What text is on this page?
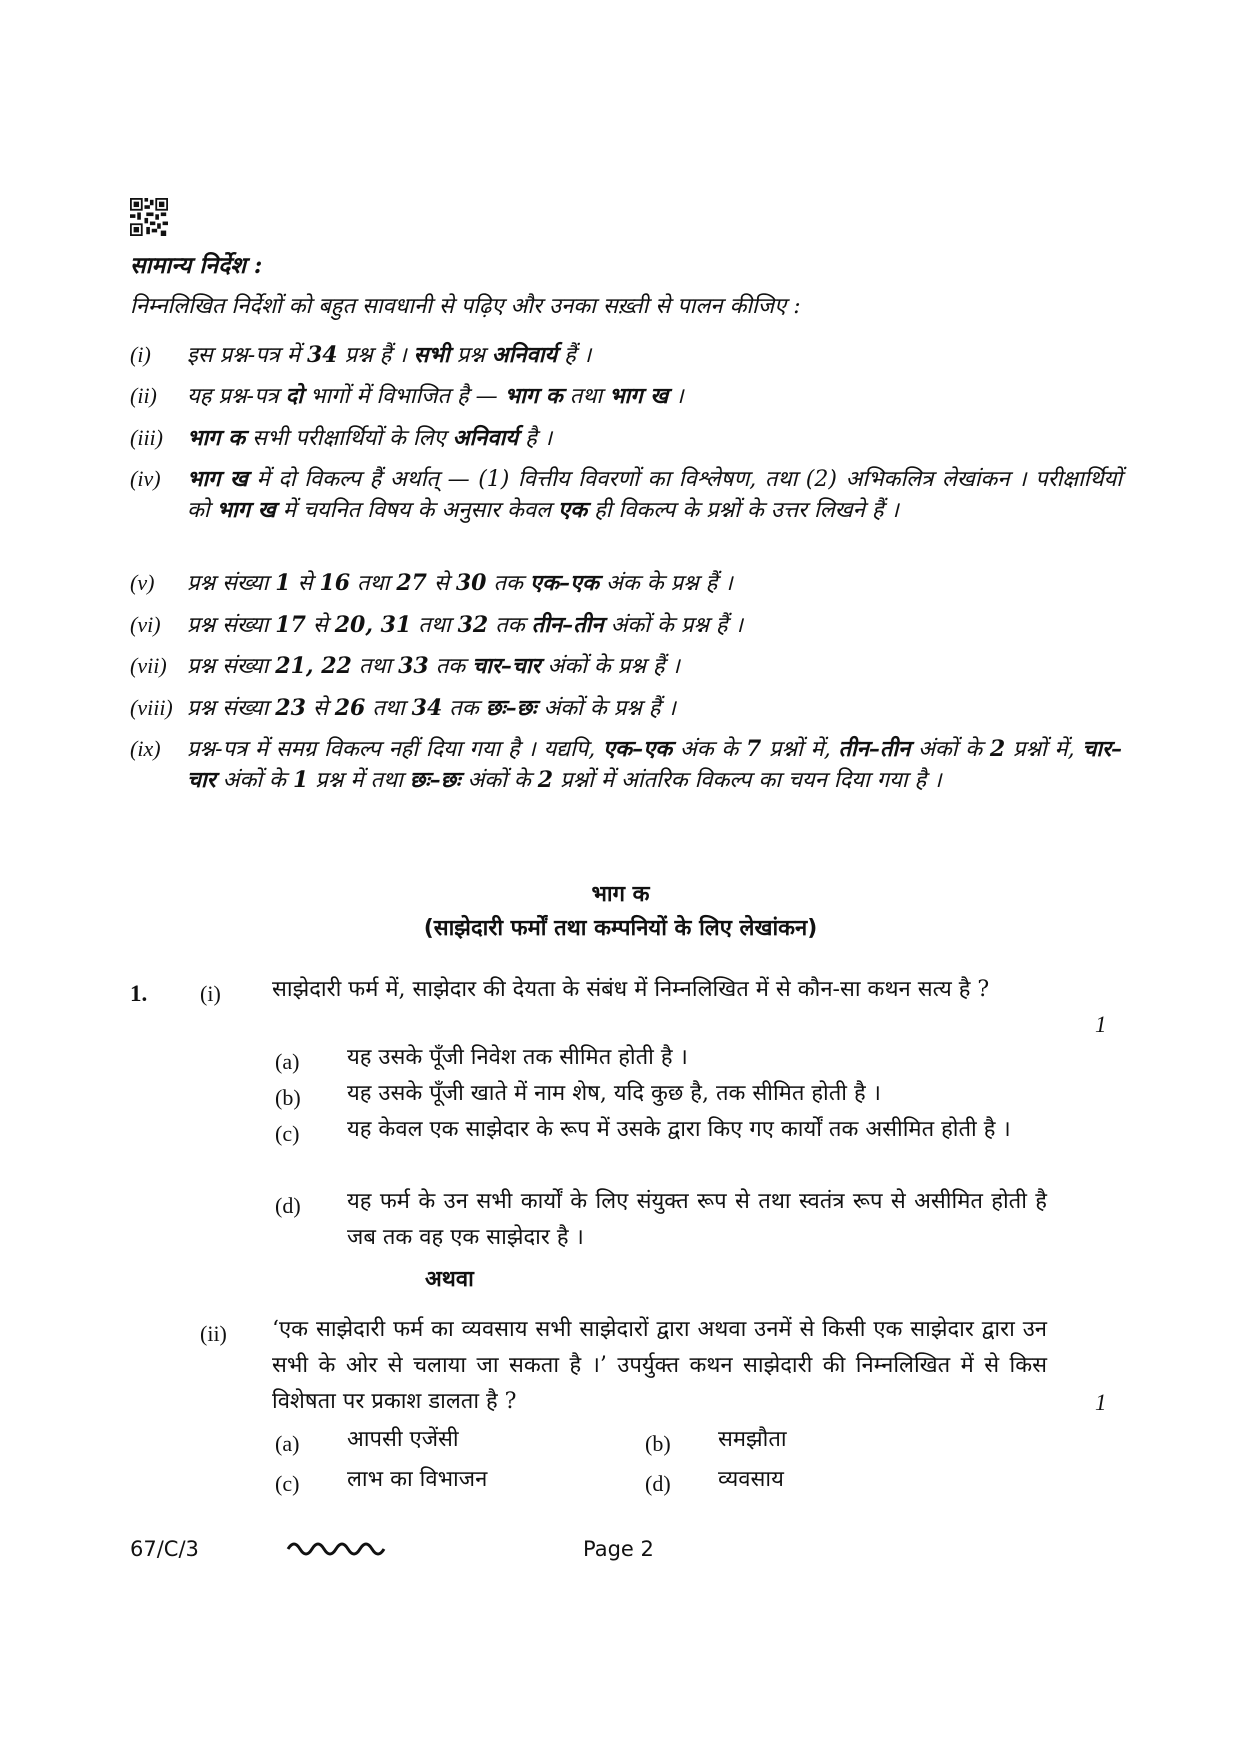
सामान्य निर्देश :
निम्नलिखित निर्देशों को बहुत सावधानी से पढ़िए और उनका सख़्ती से पालन कीजिए :
(i)	इस प्रश्न-पत्र में 34 प्रश्न हैं । सभी प्रश्न अनिवार्य हैं ।
(ii)	यह प्रश्न-पत्र दो भागों में विभाजित है — भाग क तथा भाग ख ।
(iii)	भाग क सभी परीक्षार्थियों के लिए अनिवार्य है ।
(iv)	भाग ख में दो विकल्प हैं अर्थात् — (1) वित्तीय विवरणों का विश्लेषण, तथा (2) अभिकलित्र लेखांकन । परीक्षार्थियों को भाग ख में चयनित विषय के अनुसार केवल एक ही विकल्प के प्रश्नों के उत्तर लिखने हैं ।
(v)	प्रश्न संख्या 1 से 16 तथा 27 से 30 तक एक–एक अंक के प्रश्न हैं ।
(vi)	प्रश्न संख्या 17 से 20, 31 तथा 32 तक तीन–तीन अंकों के प्रश्न हैं ।
(vii) प्रश्न संख्या 21, 22 तथा 33 तक चार–चार अंकों के प्रश्न हैं ।
(viii) प्रश्न संख्या 23 से 26 तथा 34 तक छः–छः अंकों के प्रश्न हैं ।
(ix)	प्रश्न-पत्र में समग्र विकल्प नहीं दिया गया है । यद्यपि, एक–एक अंक के 7 प्रश्नों में, तीन–तीन अंकों के 2 प्रश्नों में, चार–चार अंकों के 1 प्रश्न में तथा छः–छः अंकों के 2 प्रश्नों में आंतरिक विकल्प का चयन दिया गया है ।
भाग क
(साझेदारी फर्मों तथा कम्पनियों के लिए लेखांकन)
1. (i) साझेदारी फर्म में, साझेदार की देयता के संबंध में निम्नलिखित में से कौन-सा कथन सत्य है ?
1
(a) यह उसके पूँजी निवेश तक सीमित होती है ।
(b) यह उसके पूँजी खाते में नाम शेष, यदि कुछ है, तक सीमित होती है ।
(c) यह केवल एक साझेदार के रूप में उसके द्वारा किए गए कार्यों तक असीमित होती है ।
(d) यह फर्म के उन सभी कार्यों के लिए संयुक्त रूप से तथा स्वतंत्र रूप से असीमित होती है जब तक वह एक साझेदार है ।
अथवा
(ii) ‘एक साझेदारी फर्म का व्यवसाय सभी साझेदारों द्वारा अथवा उनमें से किसी एक साझेदार द्वारा उन सभी के ओर से चलाया जा सकता है ।’ उपर्युक्त कथन साझेदारी की निम्नलिखित में से किस विशेषता पर प्रकाश डालता है ?	1
(a) आपसी एजेंसी	(b) समझौता
(c) लाभ का विभाजन	(d) व्यवसाय
67/C/3	Page 2
